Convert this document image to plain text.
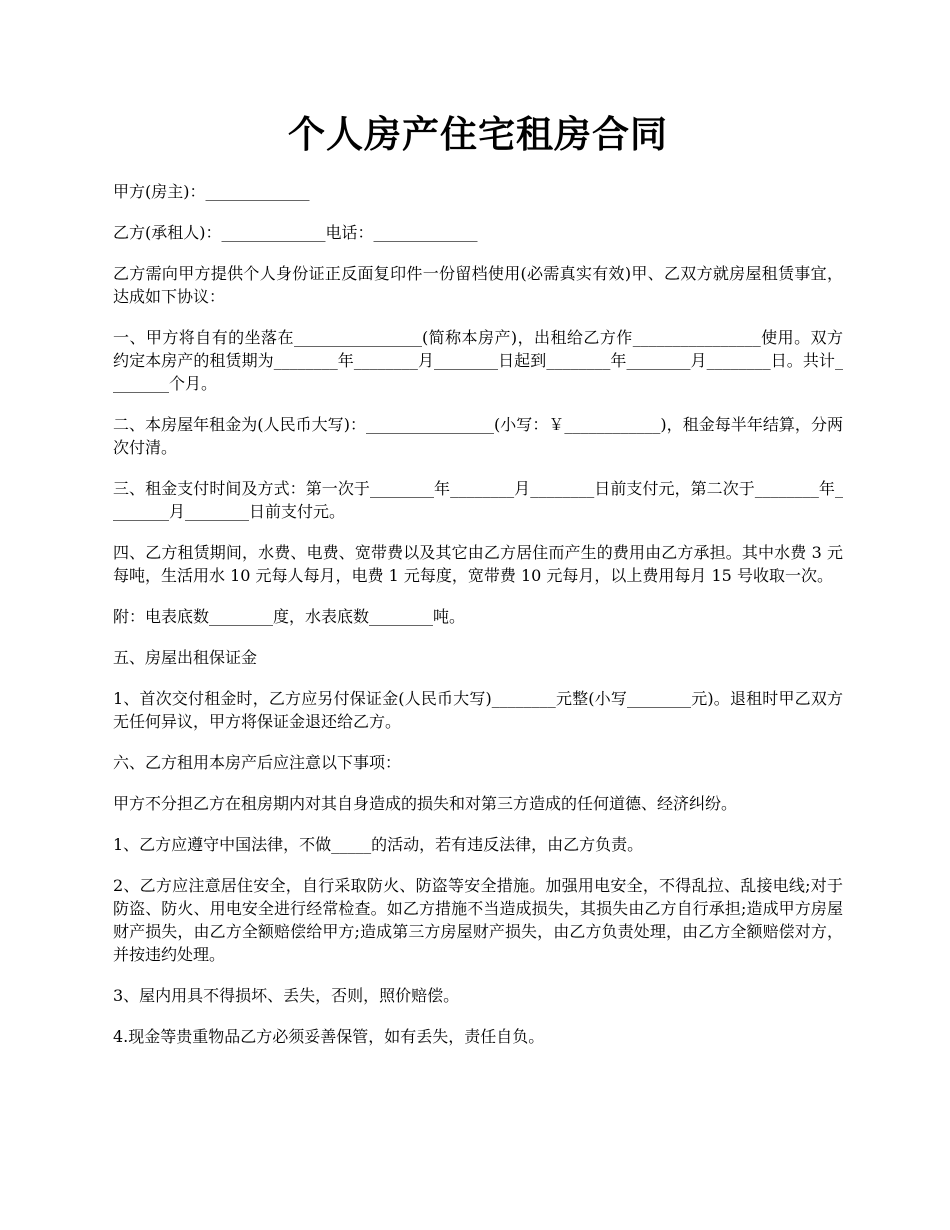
个人房产住宅租房合同

甲方(房主)：_____________

乙方(承租人)：_____________电话：_____________

乙方需向甲方提供个人身份证正反面复印件一份留档使用(必需真实有效)甲、乙双方就房屋租赁事宜，达成如下协议：

一、甲方将自有的坐落在________________(简称本房产)，出租给乙方作________________使用。双方约定本房产的租赁期为________年________月________日起到________年________月________日。共计________个月。

二、本房屋年租金为(人民币大写)：________________(小写：￥____________)，租金每半年结算，分两次付清。

三、租金支付时间及方式：第一次于________年________月________日前支付元，第二次于________年________月________日前支付元。

四、乙方租赁期间，水费、电费、宽带费以及其它由乙方居住而产生的费用由乙方承担。其中水费 3 元每吨，生活用水 10 元每人每月，电费 1 元每度，宽带费 10 元每月，以上费用每月 15 号收取一次。

附：电表底数________度，水表底数________吨。

五、房屋出租保证金

1、首次交付租金时，乙方应另付保证金(人民币大写)________元整(小写________元)。退租时甲乙双方无任何异议，甲方将保证金退还给乙方。

六、乙方租用本房产后应注意以下事项：

甲方不分担乙方在租房期内对其自身造成的损失和对第三方造成的任何道德、经济纠纷。

1、乙方应遵守中国法律，不做_____的活动，若有违反法律，由乙方负责。

2、乙方应注意居住安全，自行采取防火、防盗等安全措施。加强用电安全，不得乱拉、乱接电线;对于防盗、防火、用电安全进行经常检查。如乙方措施不当造成损失，其损失由乙方自行承担;造成甲方房屋财产损失，由乙方全额赔偿给甲方;造成第三方房屋财产损失，由乙方负责处理，由乙方全额赔偿对方，并按违约处理。

3、屋内用具不得损坏、丢失，否则，照价赔偿。

4.现金等贵重物品乙方必须妥善保管，如有丢失，责任自负。
